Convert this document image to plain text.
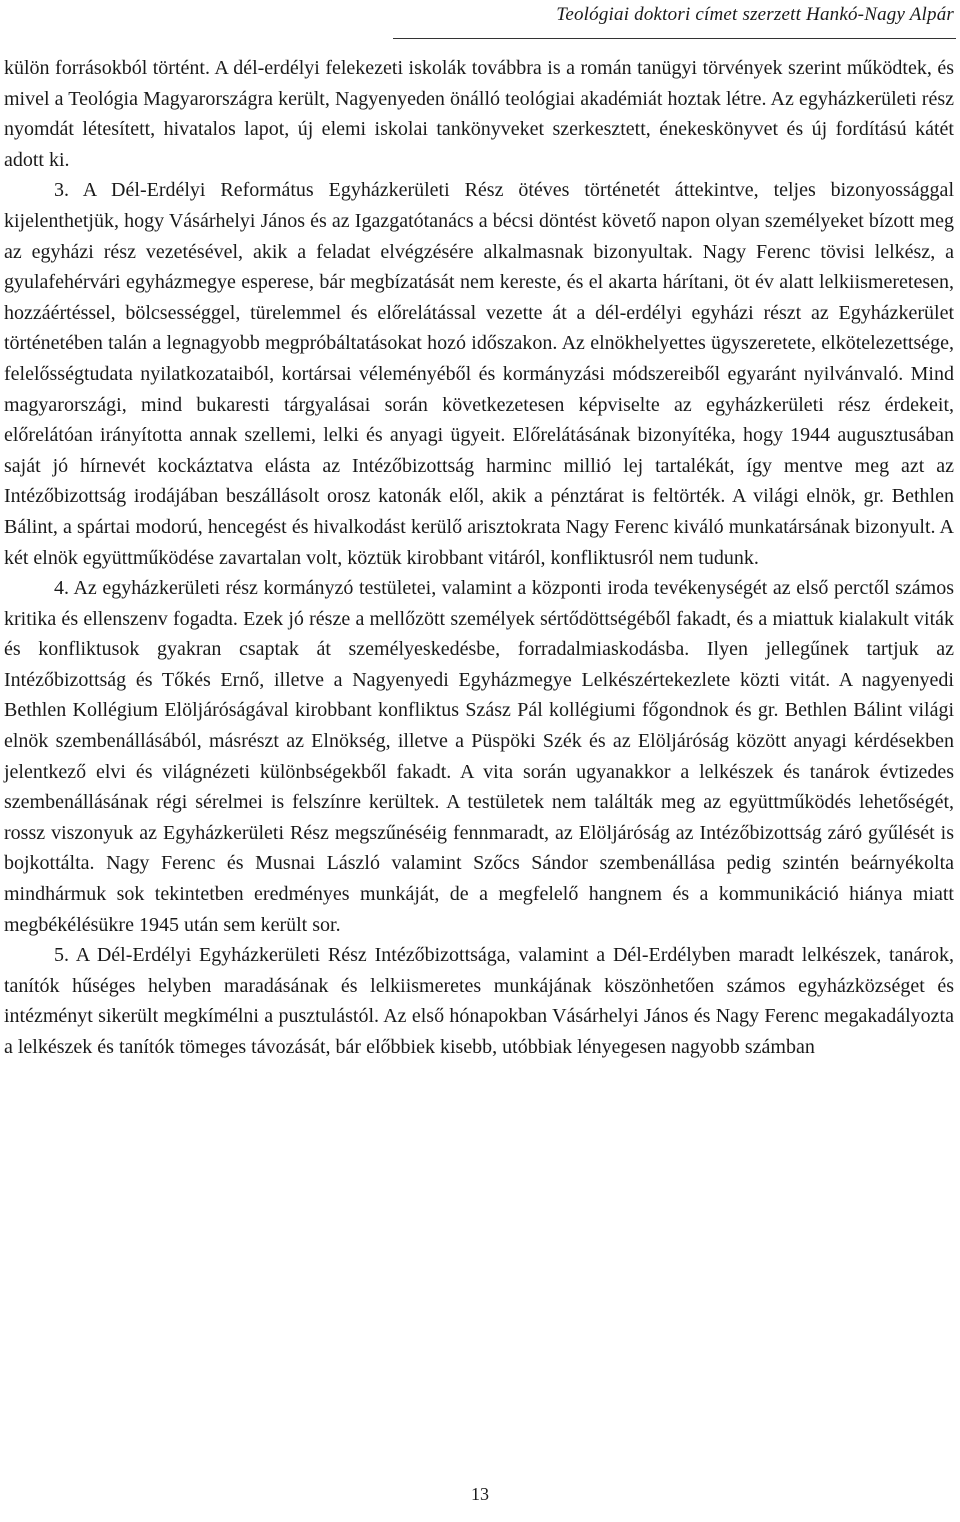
Teológiai doktori címet szerzett Hankó-Nagy Alpár

külön forrásokból történt. A dél-erdélyi felekezeti iskolák továbbra is a román tanügyi törvények szerint működtek, és mivel a Teológia Magyarországra került, Nagyenyeden önálló teológiai akadémiát hoztak létre. Az egyházkerületi rész nyomdát létesített, hivatalos lapot, új elemi iskolai tankönyveket szerkesztett, énekeskönyvet és új fordítású kátét adott ki.

3. A Dél-Erdélyi Református Egyházkerületi Rész ötéves történetét áttekintve, teljes bizonyossággal kijelenthetjük, hogy Vásárhelyi János és az Igazgatótanács a bécsi döntést követő napon olyan személyeket bízott meg az egyházi rész vezetésével, akik a feladat elvégzésére alkalmasnak bizonyultak. Nagy Ferenc tövisi lelkész, a gyulafehérvári egyházmegye esperese, bár megbízatását nem kereste, és el akarta hárítani, öt év alatt lelkiismeretesen, hozzáértéssel, bölcsességgel, türelemmel és előrelátással vezette át a dél-erdélyi egyházi részt az Egyházkerület történetében talán a legnagyobb megpróbáltatásokat hozó időszakon. Az elnökhelyettes ügyszeretete, elkötelezettsége, felelősségtudata nyilatkozataiból, kortársai véleményéből és kormányzási módszereiből egyaránt nyilvánvaló. Mind magyarországi, mind bukaresti tárgyalásai során következetesen képviselte az egyházkerületi rész érdekeit, előrelátóan irányította annak szellemi, lelki és anyagi ügyeit. Előrelátásának bizonyítéka, hogy 1944 augusztusában saját jó hírnevét kockáztatva elásta az Intézőbizottság harminc millió lej tartalékát, így mentve meg azt az Intézőbizottság irodájában beszállásolt orosz katonák elől, akik a pénztárat is feltörték. A világi elnök, gr. Bethlen Bálint, a spártai modorú, hencegést és hivalkodást kerülő arisztokrata Nagy Ferenc kiváló munkatársának bizonyult. A két elnök együttműködése zavartalan volt, köztük kirobbant vitáról, konfliktusról nem tudunk.

4. Az egyházkerületi rész kormányzó testületei, valamint a központi iroda tevékenységét az első perctől számos kritika és ellenszenv fogadta. Ezek jó része a mellőzött személyek sértődöttségéből fakadt, és a miattuk kialakult viták és konfliktusok gyakran csaptak át személyeskedésbe, forradalmiaskodásba. Ilyen jellegűnek tartjuk az Intézőbizottság és Tőkés Ernő, illetve a Nagyenyedi Egyházmegye Lelkészértekezlete közti vitát. A nagyenyedi Bethlen Kollégium Elöljáróságával kirobbant konfliktus Szász Pál kollégiumi főgondnok és gr. Bethlen Bálint világi elnök szembenállásából, másrészt az Elnökség, illetve a Püspöki Szék és az Elöljáróság között anyagi kérdésekben jelentkező elvi és világnézeti különbségekből fakadt. A vita során ugyanakkor a lelkészek és tanárok évtizedes szembenállásának régi sérelmei is felszínre kerültek. A testületek nem találták meg az együttműködés lehetőségét, rossz viszonyuk az Egyházkerületi Rész megszűnéséig fennmaradt, az Elöljáróság az Intézőbizottság záró gyűlését is bojkottálta. Nagy Ferenc és Musnai László valamint Szőcs Sándor szembenállása pedig szintén beárnyékolta mindhármuk sok tekintetben eredményes munkáját, de a megfelelő hangnem és a kommunikáció hiánya miatt megbékélésükre 1945 után sem került sor.

5. A Dél-Erdélyi Egyházkerületi Rész Intézőbizottsága, valamint a Dél-Erdélyben maradt lelkészek, tanárok, tanítók hűséges helyben maradásának és lelkiismeretes munkájának köszönhetően számos egyházközséget és intézményt sikerült megkímélni a pusztulástól. Az első hónapokban Vásárhelyi János és Nagy Ferenc megakadályozta a lelkészek és tanítók tömeges távozását, bár előbbiek kisebb, utóbbiak lényegesen nagyobb számban

13
